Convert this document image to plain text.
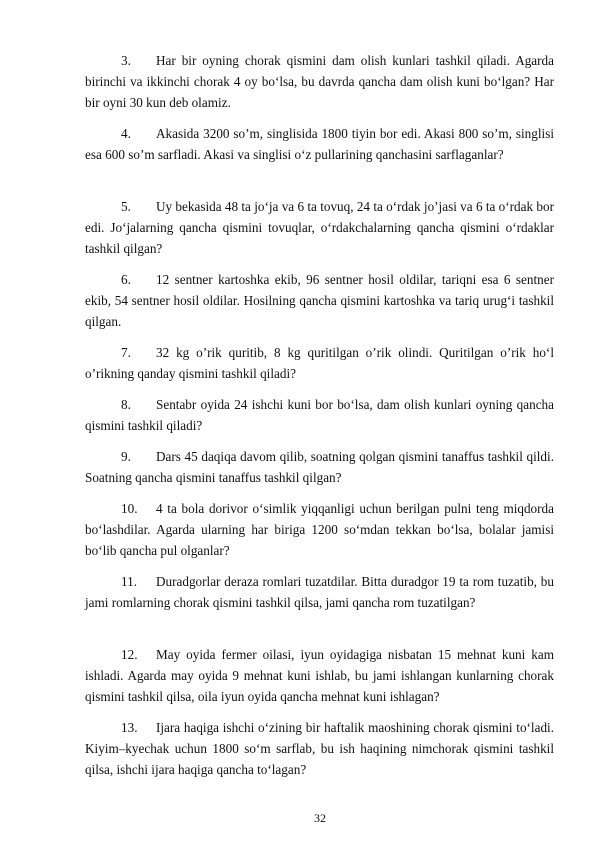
3.	Har bir oyning chorak qismini dam olish kunlari tashkil qiladi. Agarda birinchi va ikkinchi chorak 4 oy bo‘lsa, bu davrda qancha dam olish kuni bo‘lgan? Har bir oyni 30 kun deb olamiz.

4.	Akasida 3200 so’m, singlisida 1800 tiyin bor edi. Akasi 800 so’m, singlisi esa 600 so’m sarfladi. Akasi va singlisi o‘z pullarining qanchasini sarflaganlar?

5.	Uy bekasida 48 ta jo‘ja va 6 ta tovuq, 24 ta o‘rdak jo’jasi va 6 ta o‘rdak bor edi. Jo‘jalarning qancha qismini tovuqlar, o‘rdakchalarning qancha qismini o‘rdaklar tashkil qilgan?

6.	12 sentner kartoshka ekib, 96 sentner hosil oldilar, tariqni esa 6 sentner ekib, 54 sentner hosil oldilar. Hosilning qancha qismini kartoshka va tariq urug‘i tashkil qilgan.

7.	32 kg o’rik quritib, 8 kg quritilgan o’rik olindi. Quritilgan o’rik ho‘l o’rikning qanday qismini tashkil qiladi?

8.	Sentabr oyida 24 ishchi kuni bor bo‘lsa, dam olish kunlari oyning qancha qismini tashkil qiladi?

9.	Dars 45 daqiqa davom qilib, soatning qolgan qismini tanaffus tashkil qildi. Soatning qancha qismini tanaffus tashkil qilgan?

10.	4 ta bola dorivor o‘simlik yiqqanligi uchun berilgan pulni teng miqdorda bo‘lashdilar. Agarda ularning har biriga 1200 so‘mdan tekkan bo‘lsa, bolalar jamisi bo‘lib qancha pul olganlar?

11.	Duradgorlar deraza romlari tuzatdilar. Bitta duradgor 19 ta rom tuzatib, bu jami romlarning chorak qismini tashkil qilsa, jami qancha rom tuzatilgan?

12.	May oyida fermer oilasi, iyun oyidagiga nisbatan 15 mehnat kuni kam ishladi. Agarda may oyida 9 mehnat kuni ishlab, bu jami ishlangan kunlarning chorak qismini tashkil qilsa, oila iyun oyida qancha mehnat kuni ishlagan?

13.	Ijara haqiga ishchi o‘zining bir haftalik maoshining chorak qismini to‘ladi. Kiyim–kyechak uchun 1800 so‘m sarflab, bu ish haqining nimchorak qismini tashkil qilsa, ishchi ijara haqiga qancha to‘lagan?

32
